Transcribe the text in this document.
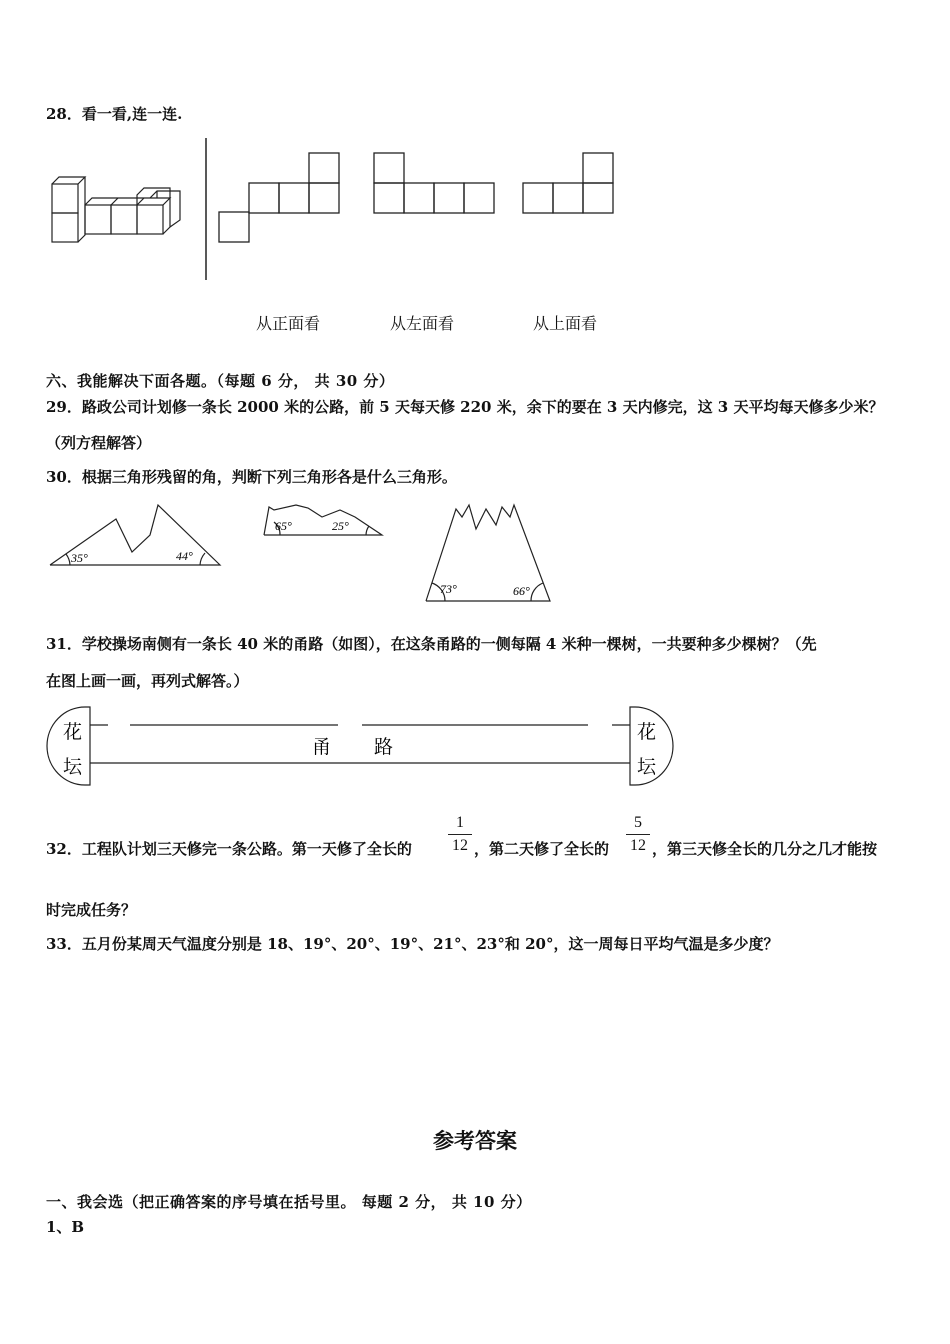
28．看一看,连一连.
从正面看	从左面看	从上面看
六、我能解决下面各题。（每题 6 分， 共 30 分）
29．路政公司计划修一条长 2000 米的公路，前 5 天每天修 220 米，余下的要在 3 天内修完，这 3 天平均每天修多少米？
（列方程解答）
30．根据三角形残留的角，判断下列三角形各是什么三角形。
35°	44°
65°	25°
73°	66°
31．学校操场南侧有一条长 40 米的甬路（如图），在这条甬路的一侧每隔 4 米种一棵树，一共要种多少棵树？（先
在图上画一画，再列式解答。）
花
坛
花
坛
甬 路
32．工程队计划三天修完一条公路。第一天修了全长的
1
12 ，第二天修了全长的
5
12 ，第三天修全长的几分之几才能按
时完成任务？
33．五月份某周天气温度分别是 18、19°、20°、19°、21°、23°和 20°，这一周每日平均气温是多少度？
参考答案
一、我会选（把正确答案的序号填在括号里。 每题 2 分， 共 10 分）
1、B
